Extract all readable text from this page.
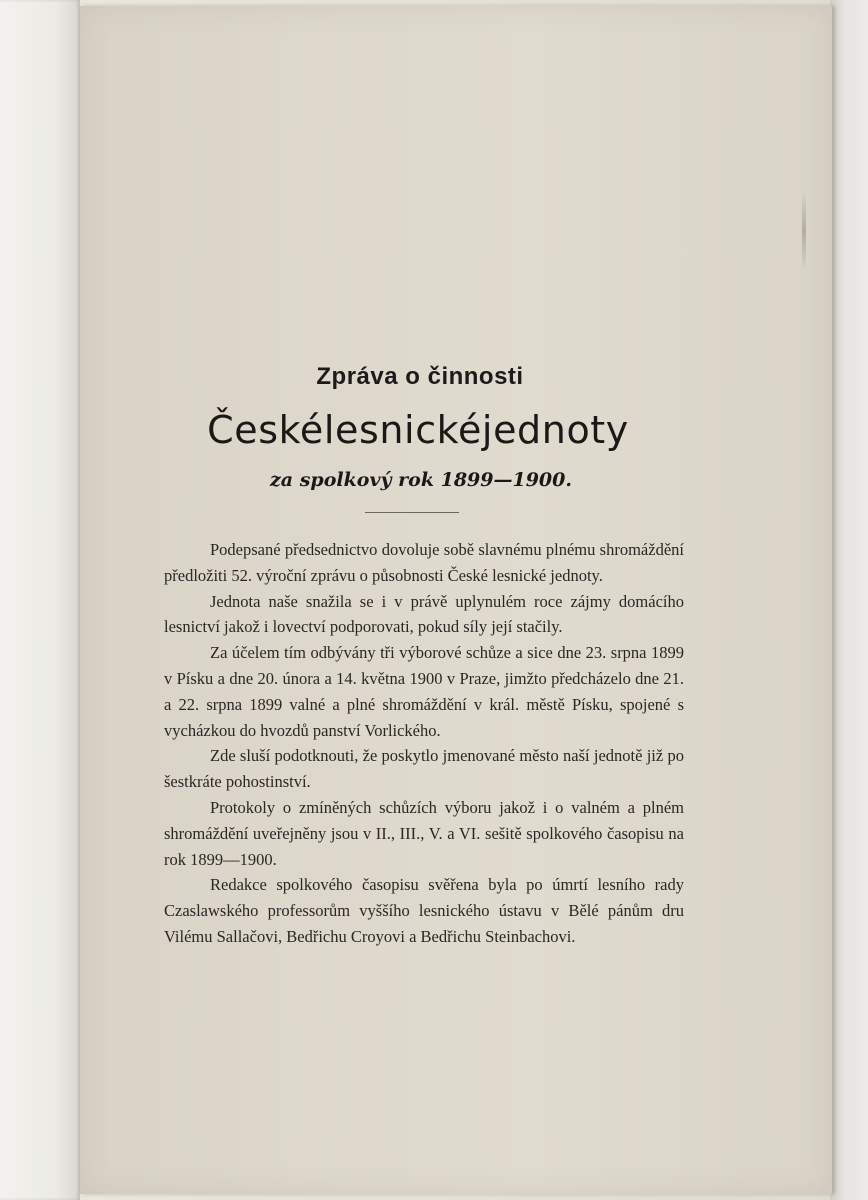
Zpráva o činnosti
Českélesnickéjednoty
za spolkový rok 1899—1900.

Podepsané předsednictvo dovoluje sobě slavnému plnému shromáždění předložiti 52. výroční zprávu o působnosti České lesnické jednoty.

Jednota naše snažila se i v právě uplynulém roce zájmy domácího lesnictví jakož i lovectví podporovati, pokud síly její stačily.

Za účelem tím odbývány tři výborové schůze a sice dne 23. srpna 1899 v Písku a dne 20. února a 14. května 1900 v Praze, jimžto předcházelo dne 21. a 22. srpna 1899 valné a plné shromáždění v král. městě Písku, spojené s vycházkou do hvozdů panství Vorlického.

Zde sluší podotknouti, že poskytlo jmenované město naší jednotě již po šestkráte pohostinství.

Protokoly o zmíněných schůzích výboru jakož i o valném a plném shromáždění uveřejněny jsou v II., III., V. a VI. sešitě spolkového časopisu na rok 1899—1900.

Redakce spolkového časopisu svěřena byla po úmrtí lesního rady Czaslawského professorům vyššího lesnického ústavu v Bělé pánům dru Vilému Sallačovi, Bedřichu Croyovi a Bedřichu Steinbachovi.
